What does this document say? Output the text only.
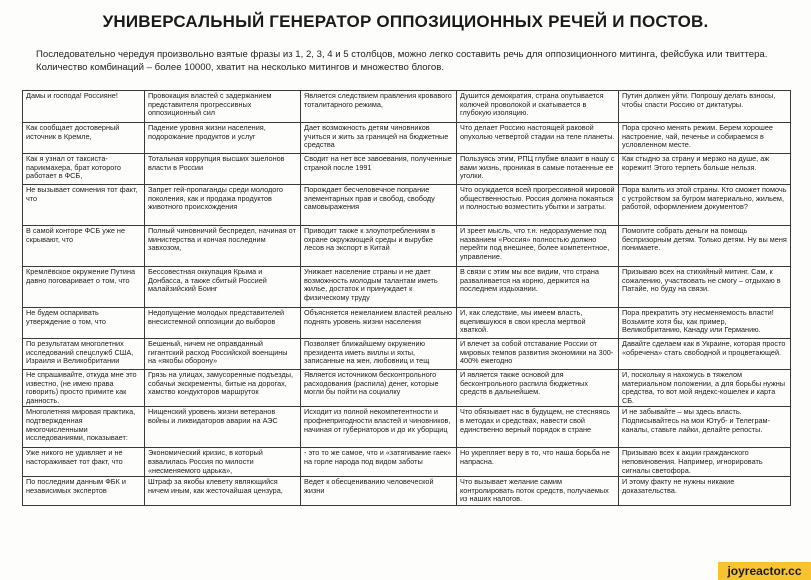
УНИВЕРСАЛЬНЫЙ ГЕНЕРАТОР ОППОЗИЦИОННЫХ РЕЧЕЙ И ПОСТОВ.
Последовательно чередуя произвольно взятые фразы из 1, 2, 3, 4 и 5 столбцов, можно легко составить речь для оппозиционного митинга, фейсбука или твиттера. Количество комбинаций – более 10000, хватит на несколько митингов и множество блогов.
Дамы и господа! Россияне!	Провокация властей с задержанием представителя прогрессивных оппозиционный сил	Является следствием правления кровавого тоталитарного режима,	Душится демократия, страна опутывается колючей проволокой и скатывается в глубокую изоляцию.	Путин должен уйти. Попрошу делать взносы, чтобы спасти Россию от диктатуры.
Как сообщает достоверный источник в Кремле,	Падение уровня жизни населения, подорожание продуктов и услуг	Дает возможность детям чиновников учиться и жить за границей на бюджетные средства	Что делает Россию настоящей раковой опухолью четвертой стадии на теле планеты.	Пора срочно менять режим. Берем хорошее настроение, чай, печенье и собираемся в условленном месте.
Как я узнал от таксиста-парикмахера, брат которого работает в ФСБ,	Тотальная коррупция высших эшелонов власти в России	Сводит на нет все завоевания, полученные страной после 1991	Пользуясь этим, РПЦ глубже влазит в нашу с вами жизнь, проникая в самые потаенные ее уголки.	Как стыдно за страну и мерзко на душе, аж корежит! Этого терпеть больше нельзя.
Не вызывает сомнения тот факт, что	Запрет гей-пропаганды среди молодого поколения, как и продажа продуктов животного происхождения	Порождает бесчеловечное попрание элементарных прав и свобод, свободу самовыражения	Что осуждается всей прогрессивной мировой общественностью. Россия должна покаяться и полностью возместить убытки и затраты.	Пора валить из этой страны. Кто сможет помочь с устройством за бугром материально, жильем, работой, оформлением документов?
В самой конторе ФСБ уже не скрывают, что	Полный чиновничий беспредел, начиная от министерства и кончая последним завхозом,	Приводит также к злоупотреблениям в охране окружающей среды и вырубке лесов на экспорт в Китай	И зреет мысль, что т.н. недоразумение под названием «Россия» полностью должно перейти под внешнее, более компетентное, управление.	Помогите собрать деньги на помощь беспризорным детям. Только детям. Ну вы меня понимаете.
Кремлёвское окружение Путина давно поговаривает о том, что	Бессовестная оккупация Крыма и Донбасса, а также сбитый Россией малайзийский Боинг	Унижает население страны и не дает возможность молодым талантам иметь жилье, достаток и принуждает к физическому труду	В связи с этим мы все видим, что страна разваливается на корню, держится на последнем издыхании.	Призываю всех на стихийный митинг. Сам, к сожалению, участвовать не смогу – отдыхаю в Патайе, но буду на связи.
Не будем оспаривать утверждение о том, что	Недопущение молодых представителей внесистемной оппозиции до выборов	Объясняется нежеланием властей реально поднять уровень жизни населения	И, как следствие, мы имеем власть, вцепившуюся в свои кресла мертвой хваткой.	Пора прекратить эту несменяемость власти! Возьмите хотя бы, как пример, Великобританию, Канаду или Германию.
По результатам многолетних исследований спецслужб США, Израиля и Великобритании	Бешеный, ничем не оправданный гигантский расход Российской военщины на «якобы оборону»	Позволяет ближайшему окружению президента иметь виллы и яхты, записанные на жен, любовниц и тещ	И влечет за собой отставание России от мировых темпов развития экономики на 300-400% ежегодно	Давайте сделаем как в Украине, которая просто «обречена» стать свободной и процветающей.
Не спрашивайте, откуда мне это известно, (не имею права говорить) просто примите как данность.	Грязь на улицах, замусоренные подъезды, собачьи экскременты, битые на дорогах, хамство кондукторов маршруток	Является источником бесконтрольного расходования (распила) денег, которые могли бы пойти на социалку	И является также основой для бесконтрольного распила бюджетных средств в дальнейшем.	И, поскольку я нахожусь в тяжелом материальном положении, а для борьбы нужны средства, то вот мой яндекс-кошелек и карта СБ.
Многолетняя мировая практика, подтвержденная многочисленными исследованиями, показывает:	Нищенский уровень жизни ветеранов войны и ликвидаторов аварии на АЭС	Исходит из полной некомпетентности и профнепригодности властей и чиновников, начиная от губернаторов и до их уборщиц	Что обязывает нас в будущем, не стесняясь в методах и средствах, навести свой единственно верный порядок в стране	И не забывайте – мы здесь власть. Подписывайтесь на мои Ютуб- и Телеграм-каналы, ставьте лайки, делайте репосты.
Уже никого не удивляет и не настораживает тот факт, что	Экономический кризис, в который взвалилась Россия по милости «несменяемого царька»,	- это то же самое, что и «затягивание гаек» на горле народа под видом заботы	Но укрепляет веру в то, что наша борьба не напрасна.	Призываю всех к акции гражданского неповиновения. Например, игнорировать сигналы светофора.
По последним данным ФБК и независимых экспертов	Штраф за якобы клевету являющийся ничем иным, как жесточайшая цензура,	Ведет к обесцениванию человеческой жизни	Что вызывает желание самим контролировать поток средств, получаемых из наших налогов.	И этому факту не нужны никакие доказательства.
joyreactor.cc
